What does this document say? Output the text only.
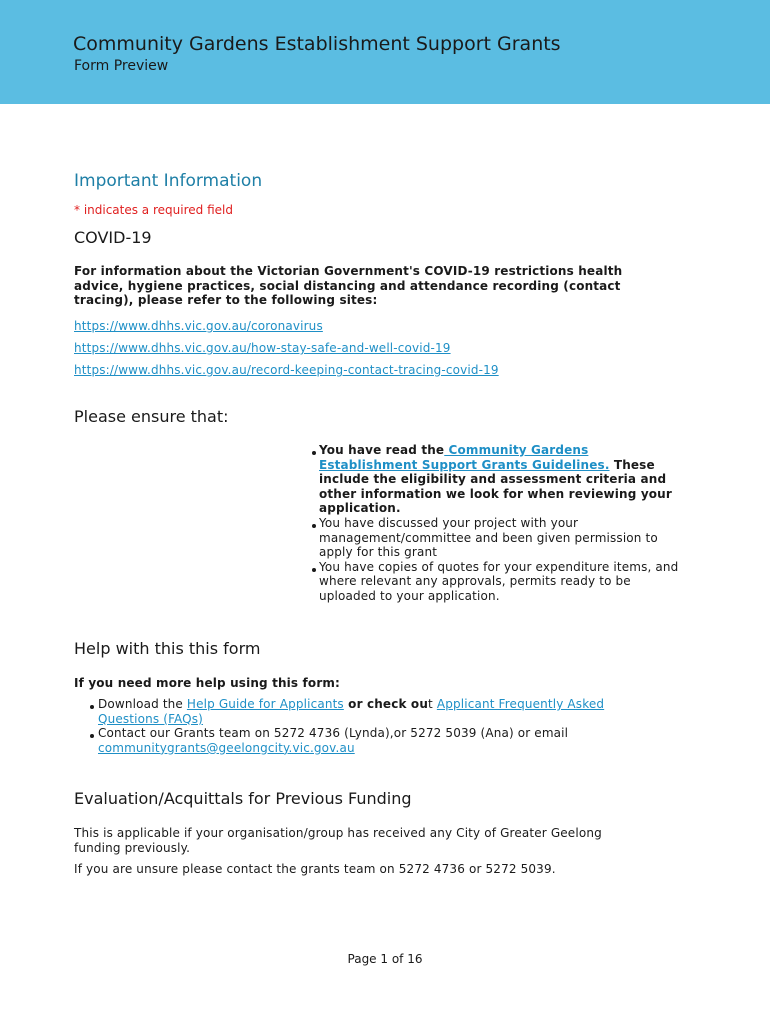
Community Gardens Establishment Support Grants
Form Preview
Important Information
* indicates a required field
COVID-19
For information about the Victorian Government's COVID-19 restrictions health advice, hygiene practices, social distancing and attendance recording (contact tracing), please refer to the following sites:
https://www.dhhs.vic.gov.au/coronavirus
https://www.dhhs.vic.gov.au/how-stay-safe-and-well-covid-19
https://www.dhhs.vic.gov.au/record-keeping-contact-tracing-covid-19
Please ensure that:
You have read the Community Gardens Establishment Support Grants Guidelines. These include the eligibility and assessment criteria and other information we look for when reviewing your application.
You have discussed your project with your management/committee and been given permission to apply for this grant
You have copies of quotes for your expenditure items, and where relevant any approvals, permits ready to be uploaded to your application.
Help with this this form
If you need more help using this form:
Download the Help Guide for Applicants or check out Applicant Frequently Asked Questions (FAQs)
Contact our Grants team on 5272 4736 (Lynda),or 5272 5039 (Ana) or email communitygrants@geelongcity.vic.gov.au
Evaluation/Acquittals for Previous Funding
This is applicable if your organisation/group has received any City of Greater Geelong funding previously.
If you are unsure please contact the grants team on 5272 4736 or 5272 5039.
Page 1 of 16
